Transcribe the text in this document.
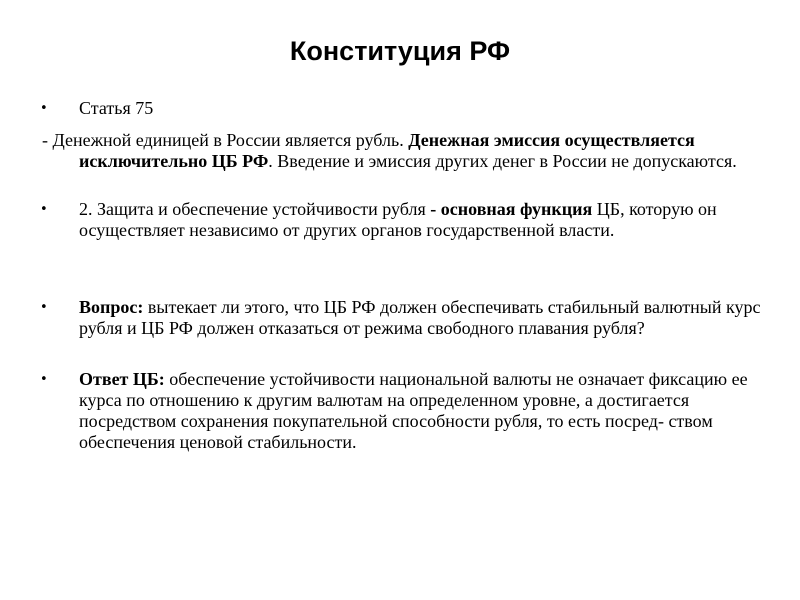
Конституция РФ
•	Статья 75
- Денежной единицей в России является рубль. Денежная эмиссия осуществляется исключительно ЦБ РФ. Введение и эмиссия других денег в России не допускаются.
•	2. Защита и обеспечение устойчивости рубля - основная функция ЦБ, которую он осуществляет независимо от других органов государственной власти.
•	Вопрос: вытекает ли этого, что ЦБ РФ должен обеспечивать стабильный валютный курс рубля и ЦБ РФ должен отказаться от режима свободного плавания рубля?
•	Ответ ЦБ: обеспечение устойчивости национальной валюты не означает фиксацию ее курса по отношению к другим валютам на определенном уровне, а достигается посредством сохранения покупательной способности рубля, то есть посред- ством обеспечения ценовой стабильности.
